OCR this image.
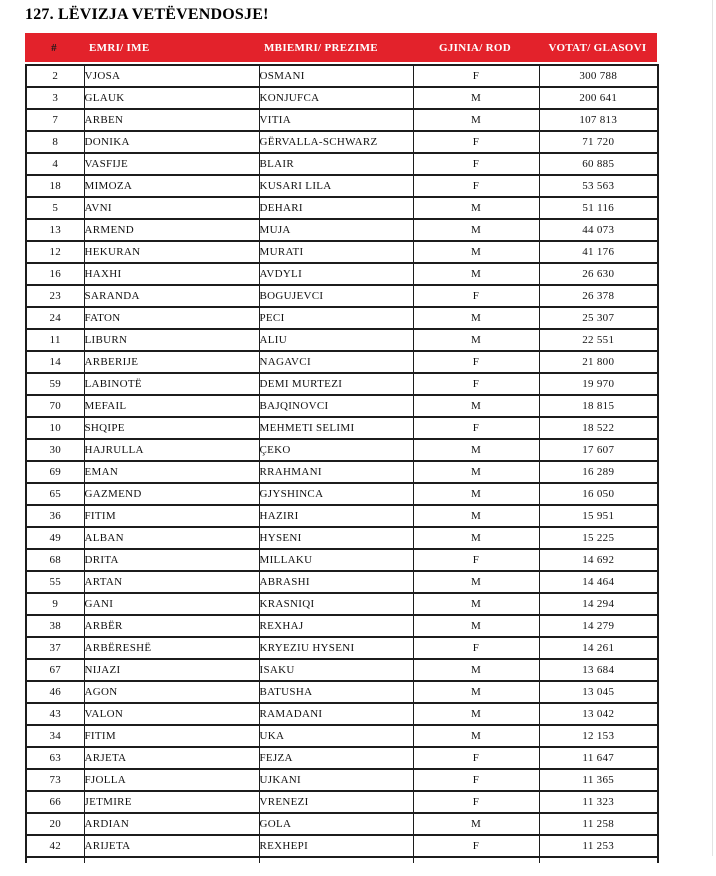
127. LËVIZJA VETËVENDOSJE!
#	EMRI/ IME	MBIEMRI/ PREZIME	GJINIA/ ROD	VOTAT/ GLASOVI
2	VJOSA	OSMANI	F	300 788
3	GLAUK	KONJUFCA	M	200 641
7	ARBEN	VITIA	M	107 813
8	DONIKA	GËRVALLA-SCHWARZ	F	71 720
4	VASFIJE	BLAIR	F	60 885
18	MIMOZA	KUSARI LILA	F	53 563
5	AVNI	DEHARI	M	51 116
13	ARMEND	MUJA	M	44 073
12	HEKURAN	MURATI	M	41 176
16	HAXHI	AVDYLI	M	26 630
23	SARANDA	BOGUJEVCI	F	26 378
24	FATON	PECI	M	25 307
11	LIBURN	ALIU	M	22 551
14	ARBERIJE	NAGAVCI	F	21 800
59	LABINOTË	DEMI MURTEZI	F	19 970
70	MEFAIL	BAJQINOVCI	M	18 815
10	SHQIPE	MEHMETI SELIMI	F	18 522
30	HAJRULLA	ÇEKO	M	17 607
69	EMAN	RRAHMANI	M	16 289
65	GAZMEND	GJYSHINCA	M	16 050
36	FITIM	HAZIRI	M	15 951
49	ALBAN	HYSENI	M	15 225
68	DRITA	MILLAKU	F	14 692
55	ARTAN	ABRASHI	M	14 464
9	GANI	KRASNIQI	M	14 294
38	ARBËR	REXHAJ	M	14 279
37	ARBËRESHË	KRYEZIU HYSENI	F	14 261
67	NIJAZI	ISAKU	M	13 684
46	AGON	BATUSHA	M	13 045
43	VALON	RAMADANI	M	13 042
34	FITIM	UKA	M	12 153
63	ARJETA	FEJZA	F	11 647
73	FJOLLA	UJKANI	F	11 365
66	JETMIRE	VRENEZI	F	11 323
20	ARDIAN	GOLA	M	11 258
42	ARIJETA	REXHEPI	F	11 253
